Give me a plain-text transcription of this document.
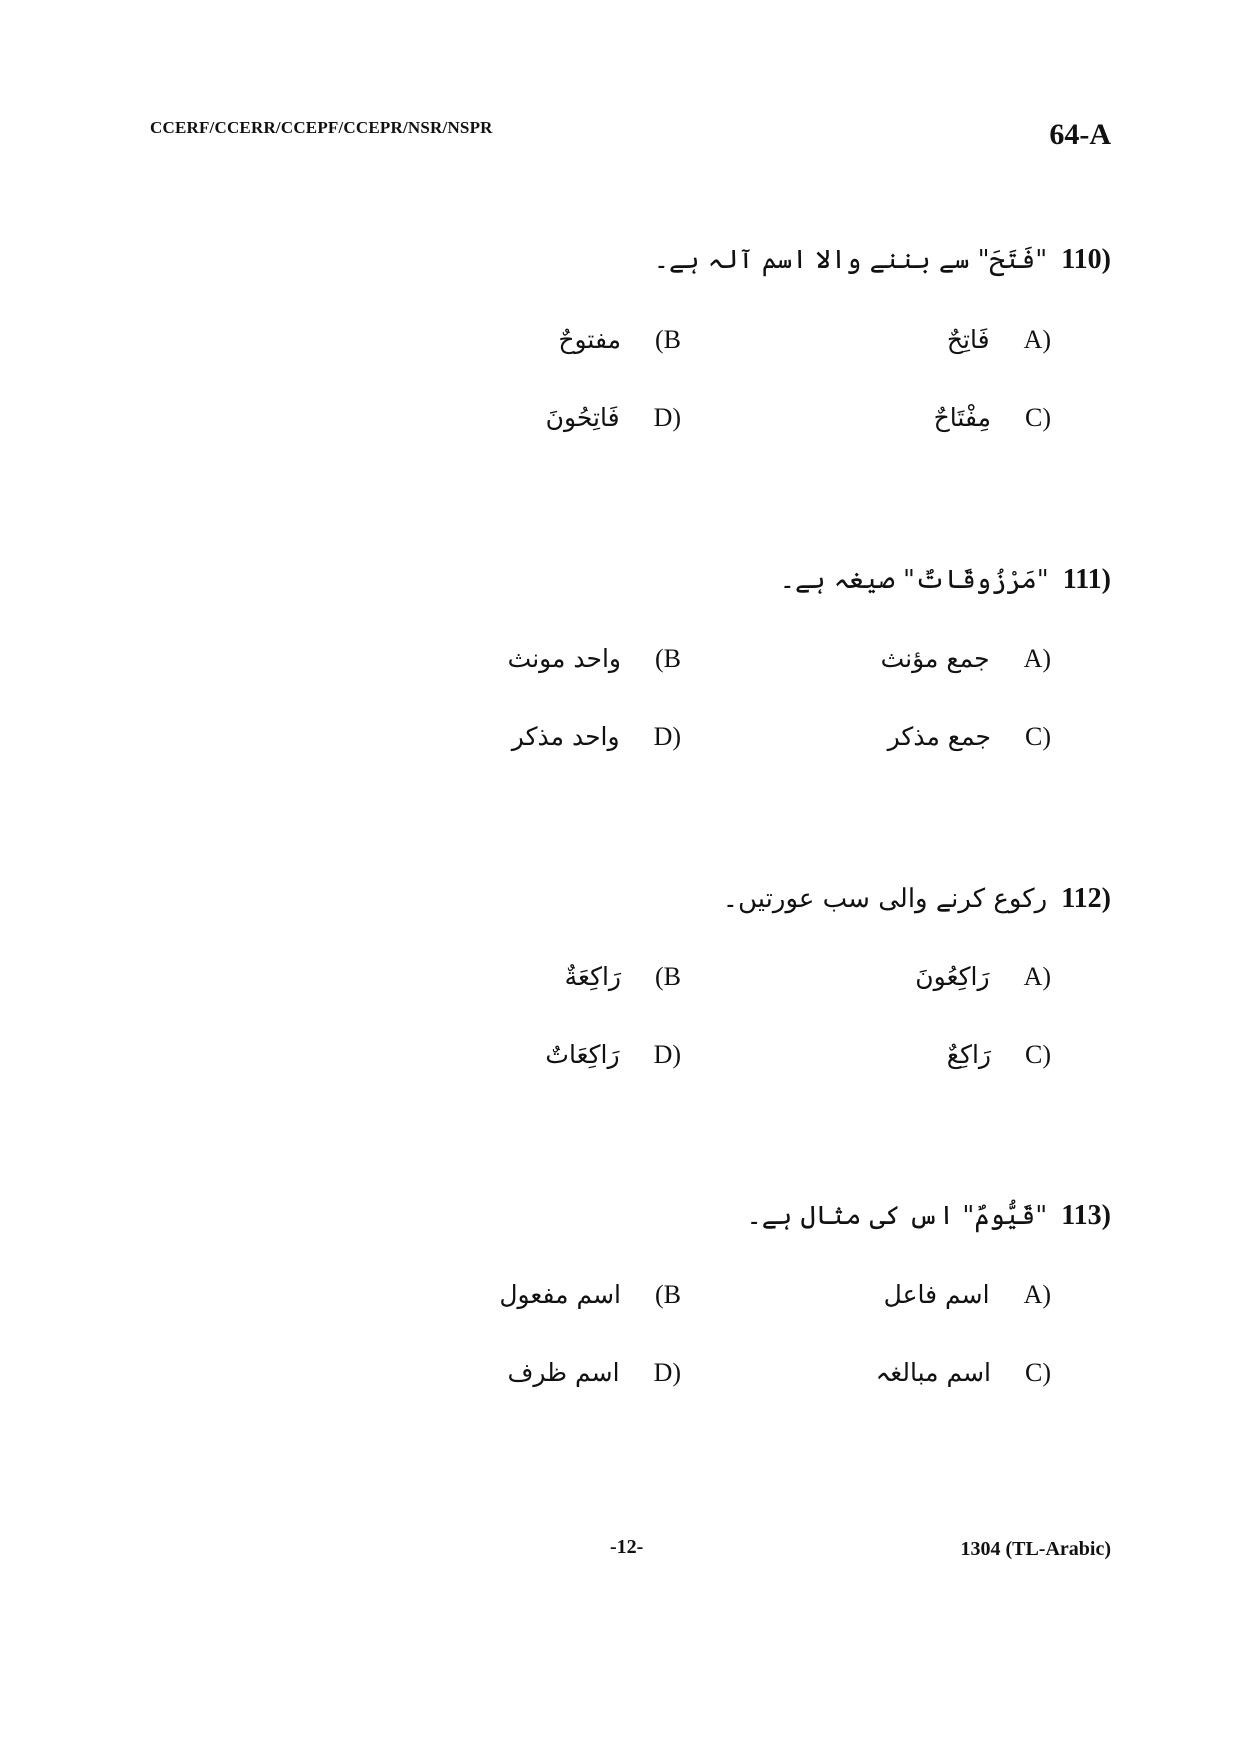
CCERF/CCERR/CCEPF/CCEPR/NSR/NSPR	64-A
110)
"فَتَحَ" سے بننے والا اسم آلہ ہے۔
A)
فَاتِحٌ
(B
مفتوحٌ
C)
مِفْتَاحٌ
D)
فَاتِحُونَ
111)
"مَرْزُوقَاتٌ" صیغہ ہے۔
A)
جمع مؤنث
(B
واحد مونث
C)
جمع مذکر
D)
واحد مذکر
112)
رکوع کرنے والی سب عورتیں۔
A)
رَاكِعُونَ
(B
رَاكِعَةٌ
C)
رَاكِعٌ
D)
رَاكِعَاتٌ
113)
"قَيُّومٌ" اس کی مثال ہے۔
A)
اسم فاعل
(B
اسم مفعول
C)
اسم مبالغہ
D)
اسم ظرف
-12-	1304 (TL-Arabic)
